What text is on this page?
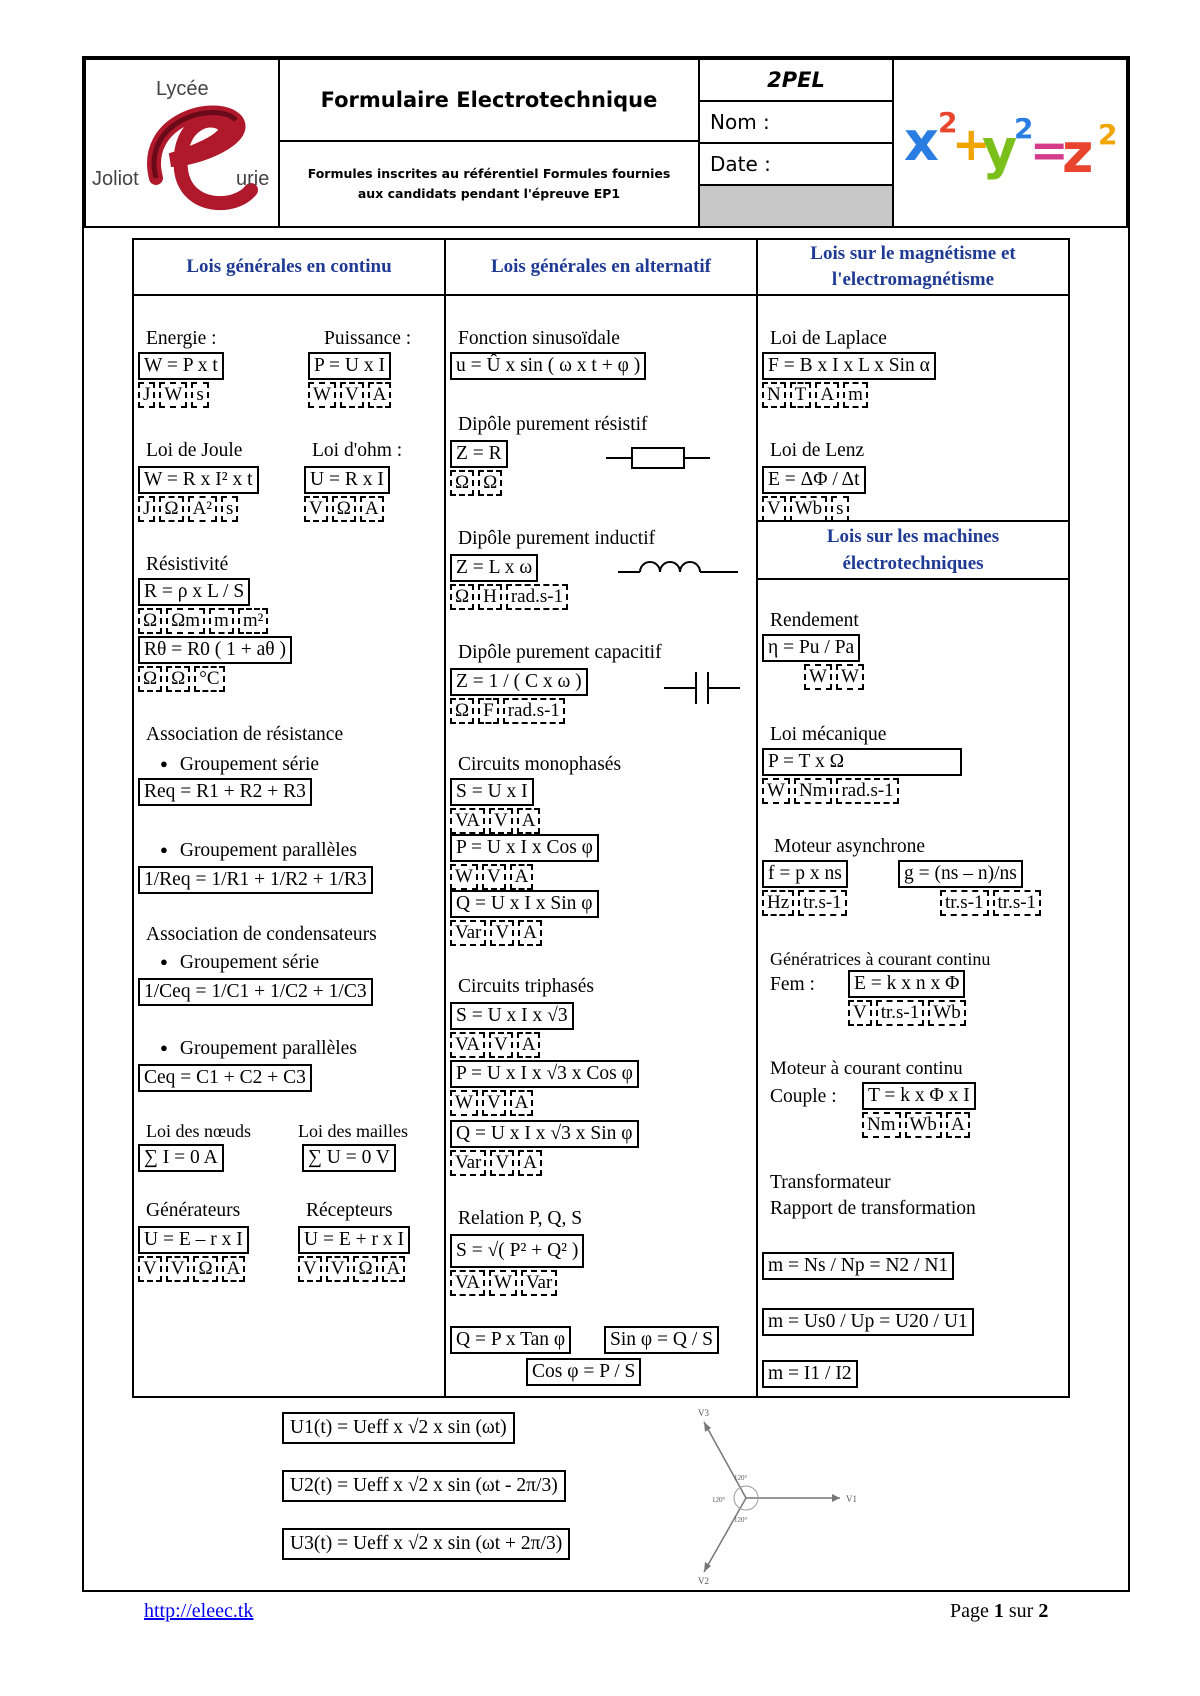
Lycée
Joliot	urie
Formulaire Electrotechnique
Formules inscrites au référentiel Formules fournies aux candidats pendant l'épreuve EP1
2PEL
Nom :
Date :	x 2
+
y
2
=
z 2
Lois générales en continu
Energie :	Puissance :
W = P x t	P = U x I
J W s	W V A
Loi de Joule	Loi d'ohm :
W = R x I² x t	U = R x I
J Ω A² s	V Ω A
Résistivité
R = ρ x L / S
Ω Ωm m m²
Rθ = R0 ( 1 + aθ )
Ω Ω °C
Association de résistance
● Groupement série
Req = R1 + R2 + R3
● Groupement parallèles
1/Req = 1/R1 + 1/R2 + 1/R3
Association de condensateurs
● Groupement série
1/Ceq = 1/C1 + 1/C2 + 1/C3
● Groupement parallèles
Ceq = C1 + C2 + C3
Loi des nœuds	Loi des mailles
∑ I = 0 A	∑ U = 0 V
Générateurs	Récepteurs
U = E – r x I	U = E + r x I
V V Ω A	V V Ω A
Lois générales en alternatif
Fonction sinusoïdale
u = Û x sin ( ω x t + φ )
Dipôle purement résistif
Z = R
Ω Ω
Dipôle purement inductif
Z = L x ω
Ω H rad.s-1
Dipôle purement capacitif
Z = 1 / ( C x ω )
Ω F rad.s-1
Circuits monophasés
S = U x I
VA V A
P = U x I x Cos φ
W V A
Q = U x I x Sin φ
Var V A
Circuits triphasés
S = U x I x √3
VA V A
P = U x I x √3 x Cos φ
W V A
Q = U x I x √3 x Sin φ
Var V A
Relation P, Q, S
S = √( P² + Q² )
VA W Var
Q = P x Tan φ	Sin φ = Q / S
Cos φ = P / S
Lois sur le magnétisme et l'electromagnétisme
Loi de Laplace
F = B x I x L x Sin α
N T A m
Loi de Lenz
E = ΔΦ / Δt
V Wb s
Lois sur les machines électrotechniques
Rendement
η = Pu / Pa
W W
Loi mécanique
P = T x Ω
W Nm rad.s-1
Moteur asynchrone
f = p x ns	g = (ns – n)/ns
Hz tr.s-1	tr.s-1 tr.s-1
Génératrices à courant continu
Fem :	E = k x n x Φ
V tr.s-1 Wb
Moteur à courant continu
Couple :	T = k x Φ x I
Nm Wb A
Transformateur
Rapport de transformation
m = Ns / Np = N2 / N1
m = Us0 / Up = U20 / U1
m = I1 / I2
U1(t) = Ueff x √2 x sin (ωt)
U2(t) = Ueff x √2 x sin (ωt - 2π/3)
U3(t) = Ueff x √2 x sin (ωt + 2π/3)
V1
V3
V2
120°
120°
120°
http://eleec.tk	Page 1 sur 2
